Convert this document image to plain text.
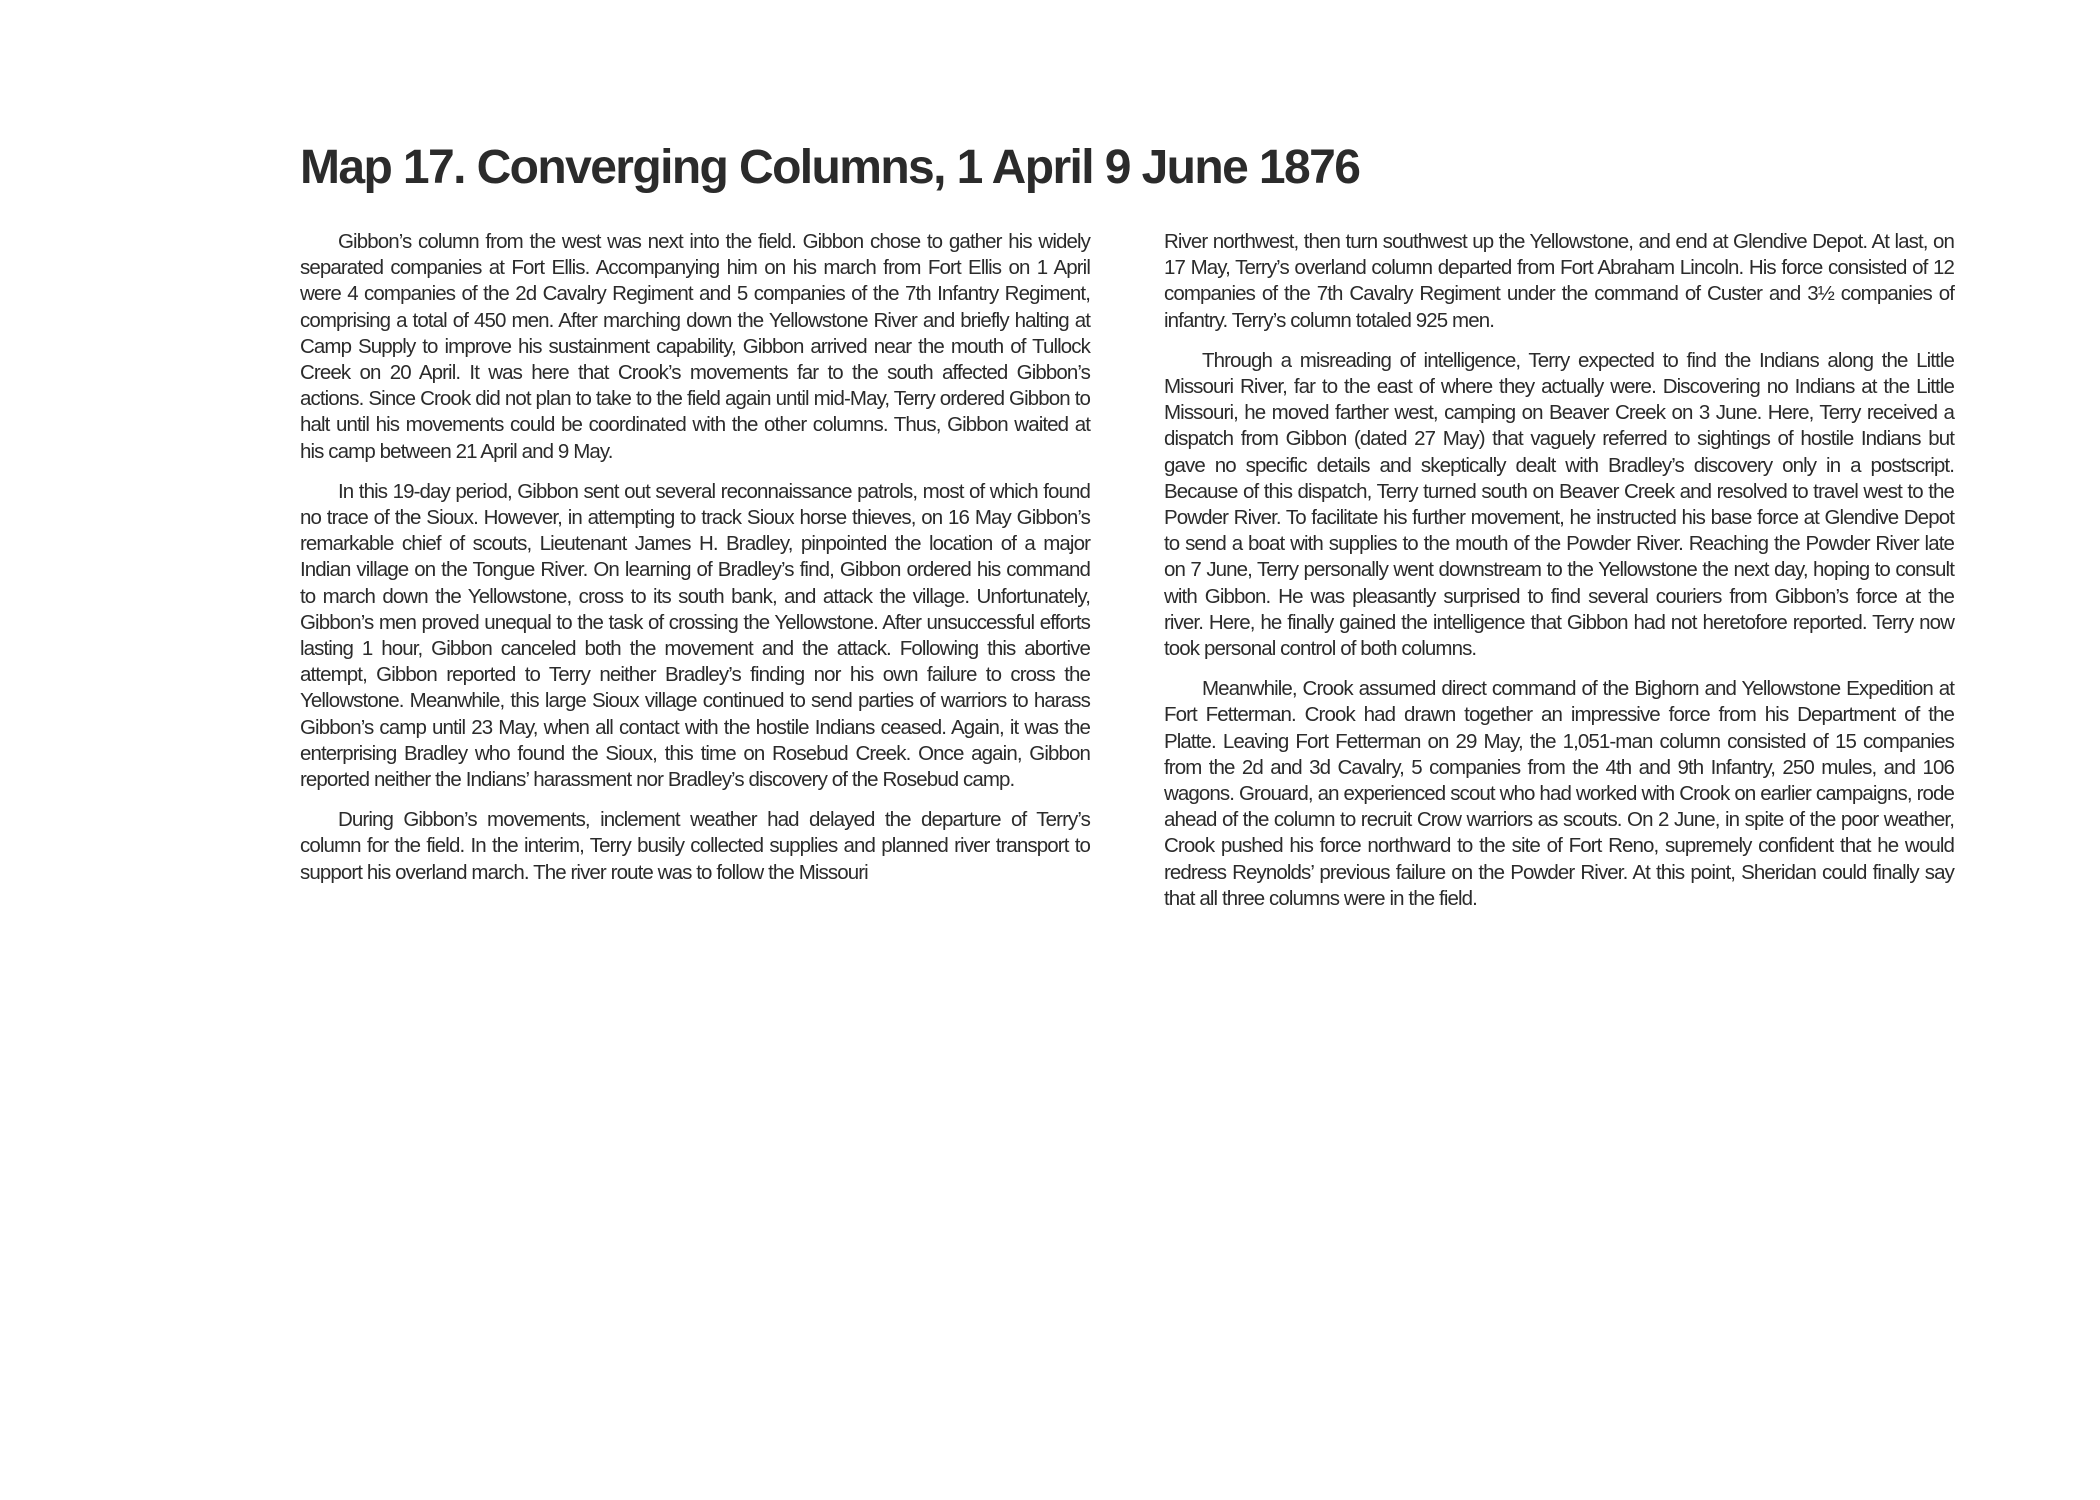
Map 17. Converging Columns, 1 April 9 June 1876

Gibbon’s column from the west was next into the field. Gibbon chose to gather his widely separated companies at Fort Ellis. Accompanying him on his march from Fort Ellis on 1 April were 4 companies of the 2d Cavalry Regiment and 5 companies of the 7th Infantry Regiment, comprising a total of 450 men. After marching down the Yellowstone River and briefly halting at Camp Supply to improve his sustainment capability, Gibbon arrived near the mouth of Tullock Creek on 20 April. It was here that Crook’s movements far to the south affected Gibbon’s actions. Since Crook did not plan to take to the field again until mid-May, Terry ordered Gibbon to halt until his movements could be coordinated with the other columns. Thus, Gibbon waited at his camp between 21 April and 9 May.

In this 19-day period, Gibbon sent out several reconnaissance patrols, most of which found no trace of the Sioux. However, in attempting to track Sioux horse thieves, on 16 May Gibbon’s remarkable chief of scouts, Lieutenant James H. Bradley, pinpointed the location of a major Indian village on the Tongue River. On learning of Bradley’s find, Gibbon ordered his command to march down the Yellowstone, cross to its south bank, and attack the village. Unfortunately, Gibbon’s men proved unequal to the task of crossing the Yellowstone. After unsuccessful efforts lasting 1 hour, Gibbon canceled both the movement and the attack. Following this abortive attempt, Gibbon reported to Terry neither Bradley’s finding nor his own failure to cross the Yellowstone. Meanwhile, this large Sioux village continued to send parties of warriors to harass Gibbon’s camp until 23 May, when all contact with the hostile Indians ceased. Again, it was the enterprising Bradley who found the Sioux, this time on Rosebud Creek. Once again, Gibbon reported neither the Indians’ harassment nor Bradley’s discovery of the Rosebud camp.

During Gibbon’s movements, inclement weather had delayed the departure of Terry’s column for the field. In the interim, Terry busily collected supplies and planned river transport to support his overland march. The river route was to follow the Missouri

River northwest, then turn southwest up the Yellowstone, and end at Glendive Depot. At last, on 17 May, Terry’s overland column departed from Fort Abraham Lincoln. His force consisted of 12 companies of the 7th Cavalry Regiment under the command of Custer and 3½ companies of infantry. Terry’s column totaled 925 men.

Through a misreading of intelligence, Terry expected to find the Indians along the Little Missouri River, far to the east of where they actually were. Discovering no Indians at the Little Missouri, he moved farther west, camping on Beaver Creek on 3 June. Here, Terry received a dispatch from Gibbon (dated 27 May) that vaguely referred to sightings of hostile Indians but gave no specific details and skeptically dealt with Bradley’s discovery only in a postscript. Because of this dispatch, Terry turned south on Beaver Creek and resolved to travel west to the Powder River. To facilitate his further movement, he instructed his base force at Glendive Depot to send a boat with supplies to the mouth of the Powder River. Reaching the Powder River late on 7 June, Terry personally went downstream to the Yellowstone the next day, hoping to consult with Gibbon. He was pleasantly surprised to find several couriers from Gibbon’s force at the river. Here, he finally gained the intelligence that Gibbon had not heretofore reported. Terry now took personal control of both columns.

Meanwhile, Crook assumed direct command of the Bighorn and Yellowstone Expedition at Fort Fetterman. Crook had drawn together an impressive force from his Department of the Platte. Leaving Fort Fetterman on 29 May, the 1,051-man column consisted of 15 companies from the 2d and 3d Cavalry, 5 companies from the 4th and 9th Infantry, 250 mules, and 106 wagons. Grouard, an experienced scout who had worked with Crook on earlier campaigns, rode ahead of the column to recruit Crow warriors as scouts. On 2 June, in spite of the poor weather, Crook pushed his force northward to the site of Fort Reno, supremely confident that he would redress Reynolds’ previous failure on the Powder River. At this point, Sheridan could finally say that all three columns were in the field.
